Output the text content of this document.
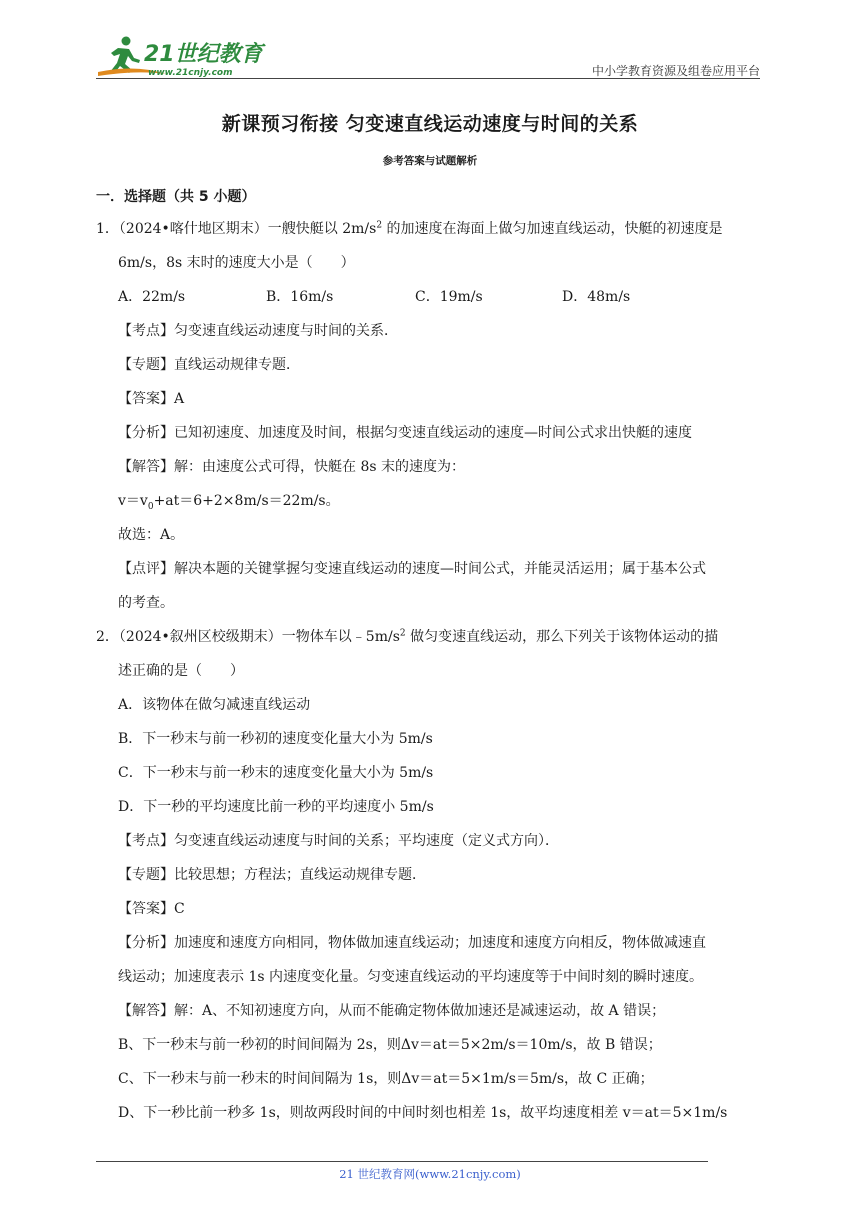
21世纪教育
www.21cnjy.com	中小学教育资源及组卷应用平台
新课预习衔接 匀变速直线运动速度与时间的关系
参考答案与试题解析
一．选择题（共 5 小题）
1．（2024•喀什地区期末）一艘快艇以 $2m/s^2$ 的加速度在海面上做匀加速直线运动，快艇的初速度是
6m/s，8s 末时的速度大小是（　　）
A．22m/s	B．16m/s	C．19m/s	D．48m/s
【考点】匀变速直线运动速度与时间的关系．
【专题】直线运动规律专题．
【答案】A
【分析】已知初速度、加速度及时间，根据匀变速直线运动的速度—时间公式求出快艇的速度
【解答】解：由速度公式可得，快艇在 8s 末的速度为：
$v=v_0+at=6+2\times 8m/s=22m/s$。
故选：A。
【点评】解决本题的关键掌握匀变速直线运动的速度—时间公式，并能灵活运用；属于基本公式
的考查。
2．（2024•叙州区校级期末）一物体车以$﹣5m/s^2$ 做匀变速直线运动，那么下列关于该物体运动的描
述正确的是（　　）
A．该物体在做匀减速直线运动
B．下一秒末与前一秒初的速度变化量大小为 5m/s
C．下一秒末与前一秒末的速度变化量大小为 5m/s
D．下一秒的平均速度比前一秒的平均速度小 5m/s
【考点】匀变速直线运动速度与时间的关系；平均速度（定义式方向）．
【专题】比较思想；方程法；直线运动规律专题．
【答案】C
【分析】加速度和速度方向相同，物体做加速直线运动；加速度和速度方向相反，物体做减速直
线运动；加速度表示 1s 内速度变化量。匀变速直线运动的平均速度等于中间时刻的瞬时速度。
【解答】解：A、不知初速度方向，从而不能确定物体做加速还是减速运动，故 A 错误；
B、下一秒末与前一秒初的时间间隔为 2s，则Δv＝at＝5×2m/s＝10m/s，故 B 错误；
C、下一秒末与前一秒末的时间间隔为 1s，则Δv＝at＝5×1m/s＝5m/s，故 C 正确；
D、下一秒比前一秒多 1s，则故两段时间的中间时刻也相差 1s，故平均速度相差 v＝at＝5×1m/s
21 世纪教育网(www.21cnjy.com)
